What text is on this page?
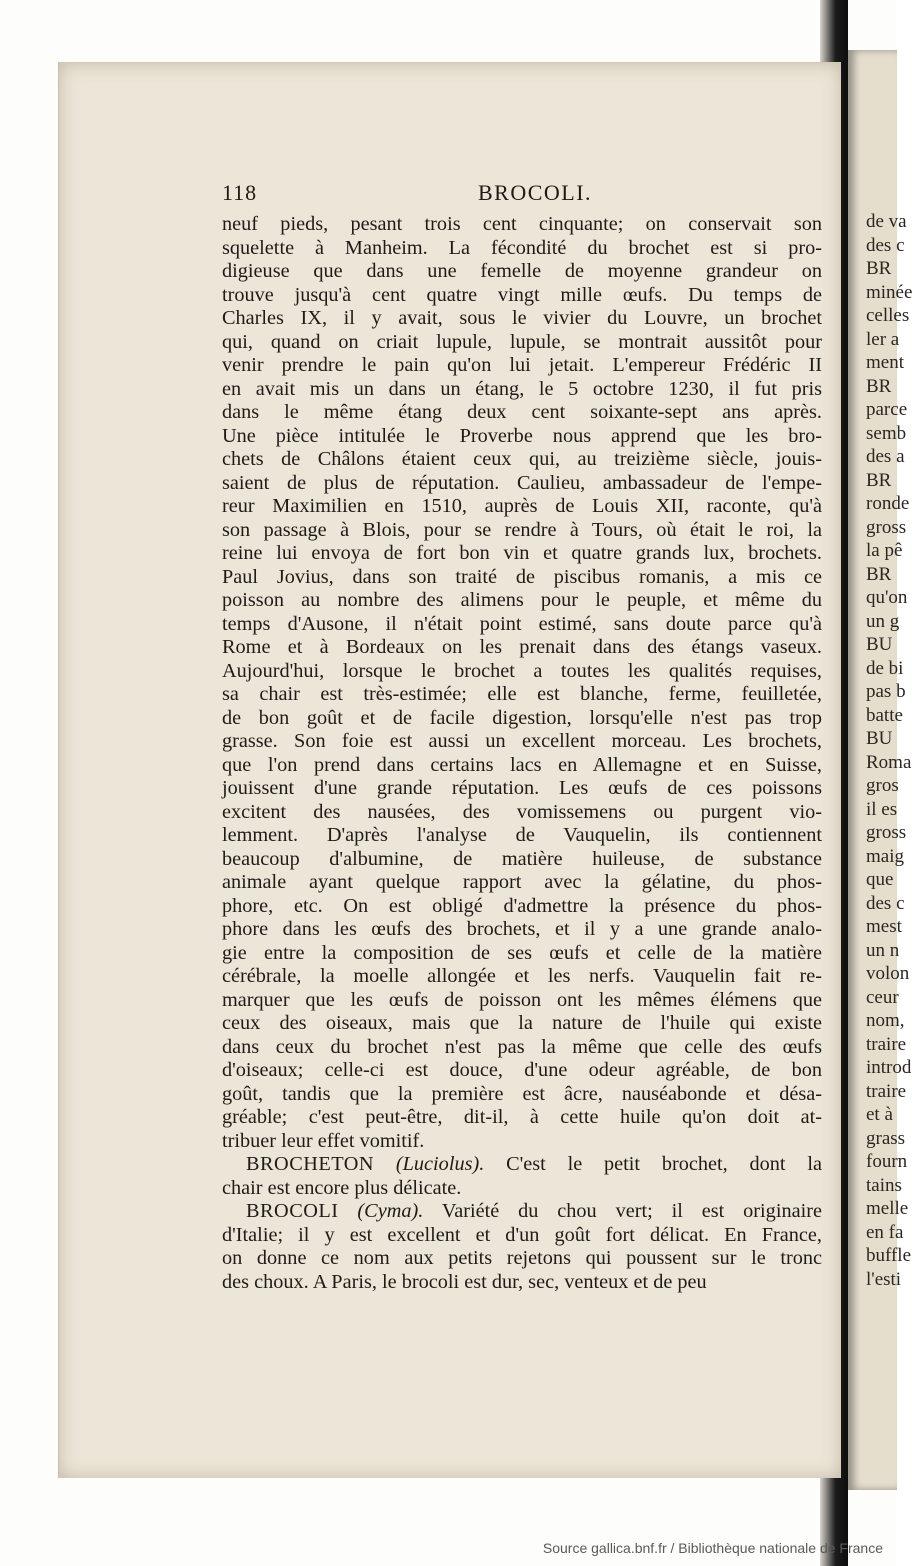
de va
des c
BR
minée
celles
ler a
ment
BR
parce
semb
des a
BR
ronde
gross
la pê
BR
qu'on
un g
BU
de bi
pas b
batte
BU
Roma
gros
il es
gross
maig
que
des c
mest
un n
volon
ceur
nom,
traire
introd
traire
et à
grass
fourn
tains
melle
en fa
buffle
l'esti
118	BROCOLI.
neuf pieds, pesant trois cent cinquante; on conservait son
squelette à Manheim. La fécondité du brochet est si pro-
digieuse que dans une femelle de moyenne grandeur on
trouve jusqu'à cent quatre vingt mille œufs. Du temps de
Charles IX, il y avait, sous le vivier du Louvre, un brochet
qui, quand on criait lupule, lupule, se montrait aussitôt pour
venir prendre le pain qu'on lui jetait. L'empereur Frédéric II
en avait mis un dans un étang, le 5 octobre 1230, il fut pris
dans le même étang deux cent soixante-sept ans après.
Une pièce intitulée le Proverbe nous apprend que les bro-
chets de Châlons étaient ceux qui, au treizième siècle, jouis-
saient de plus de réputation. Caulieu, ambassadeur de l'empe-
reur Maximilien en 1510, auprès de Louis XII, raconte, qu'à
son passage à Blois, pour se rendre à Tours, où était le roi, la
reine lui envoya de fort bon vin et quatre grands lux, brochets.
Paul Jovius, dans son traité de piscibus romanis, a mis ce
poisson au nombre des alimens pour le peuple, et même du
temps d'Ausone, il n'était point estimé, sans doute parce qu'à
Rome et à Bordeaux on les prenait dans des étangs vaseux.
Aujourd'hui, lorsque le brochet a toutes les qualités requises,
sa chair est très-estimée; elle est blanche, ferme, feuilletée,
de bon goût et de facile digestion, lorsqu'elle n'est pas trop
grasse. Son foie est aussi un excellent morceau. Les brochets,
que l'on prend dans certains lacs en Allemagne et en Suisse,
jouissent d'une grande réputation. Les œufs de ces poissons
excitent des nausées, des vomissemens ou purgent vio-
lemment. D'après l'analyse de Vauquelin, ils contiennent
beaucoup d'albumine, de matière huileuse, de substance
animale ayant quelque rapport avec la gélatine, du phos-
phore, etc. On est obligé d'admettre la présence du phos-
phore dans les œufs des brochets, et il y a une grande analo-
gie entre la composition de ses œufs et celle de la matière
cérébrale, la moelle allongée et les nerfs. Vauquelin fait re-
marquer que les œufs de poisson ont les mêmes élémens que
ceux des oiseaux, mais que la nature de l'huile qui existe
dans ceux du brochet n'est pas la même que celle des œufs
d'oiseaux; celle-ci est douce, d'une odeur agréable, de bon
goût, tandis que la première est âcre, nauséabonde et désa-
gréable; c'est peut-être, dit-il, à cette huile qu'on doit at-
tribuer leur effet vomitif.
BROCHETON (Luciolus). C'est le petit brochet, dont la
chair est encore plus délicate.
BROCOLI (Cyma). Variété du chou vert; il est originaire
d'Italie; il y est excellent et d'un goût fort délicat. En France,
on donne ce nom aux petits rejetons qui poussent sur le tronc
des choux. A Paris, le brocoli est dur, sec, venteux et de peu
Source gallica.bnf.fr / Bibliothèque nationale de France
